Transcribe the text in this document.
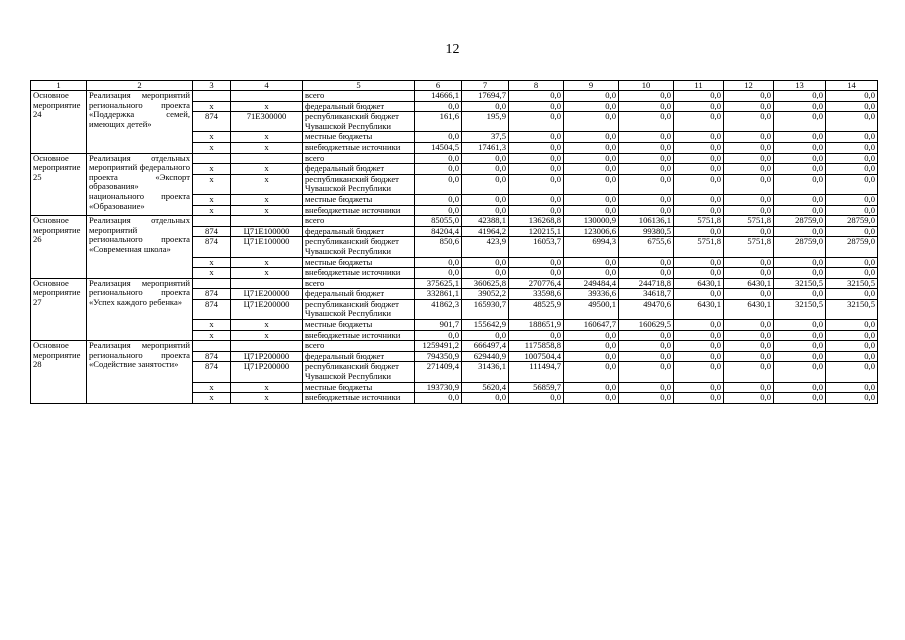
12
1	2	3	4	5	6	7	8	9	10	11	12	13	14
Основное мероприятие 24	Реализация мероприятий регионального проекта «Поддержка семей, имеющих детей»			всего	14666,1	17694,7	0,0	0,0	0,0	0,0	0,0	0,0	0,0
		x	x	федеральный бюджет	0,0	0,0	0,0	0,0	0,0	0,0	0,0	0,0	0,0
		874	71Е300000	республиканский бюджет Чувашской Республики	161,6	195,9	0,0	0,0	0,0	0,0	0,0	0,0	0,0
		x	x	местные бюджеты	0,0	37,5	0,0	0,0	0,0	0,0	0,0	0,0	0,0
		x	x	внебюджетные источники	14504,5	17461,3	0,0	0,0	0,0	0,0	0,0	0,0	0,0
Основное мероприятие 25	Реализация отдельных мероприятий федерального проекта «Экспорт образования» национального проекта «Образование»			всего	0,0	0,0	0,0	0,0	0,0	0,0	0,0	0,0	0,0
		x	x	федеральный бюджет	0,0	0,0	0,0	0,0	0,0	0,0	0,0	0,0	0,0
		x	x	республиканский бюджет Чувашской Республики	0,0	0,0	0,0	0,0	0,0	0,0	0,0	0,0	0,0
		x	x	местные бюджеты	0,0	0,0	0,0	0,0	0,0	0,0	0,0	0,0	0,0
		x	x	внебюджетные источники	0,0	0,0	0,0	0,0	0,0	0,0	0,0	0,0	0,0
Основное мероприятие 26	Реализация отдельных мероприятий регионального проекта «Современная школа»			всего	85055,0	42388,1	136268,8	130000,9	106136,1	5751,8	5751,8	28759,0	28759,0
		874	Ц71Е100000	федеральный бюджет	84204,4	41964,2	120215,1	123006,6	99380,5	0,0	0,0	0,0	0,0
		874	Ц71Е100000	республиканский бюджет Чувашской Республики	850,6	423,9	16053,7	6994,3	6755,6	5751,8	5751,8	28759,0	28759,0
		x	x	местные бюджеты	0,0	0,0	0,0	0,0	0,0	0,0	0,0	0,0	0,0
		x	x	внебюджетные источники	0,0	0,0	0,0	0,0	0,0	0,0	0,0	0,0	0,0
Основное мероприятие 27	Реализация мероприятий регионального проекта «Успех каждого ребенка»			всего	375625,1	360625,8	270776,4	249484,4	244718,8	6430,1	6430,1	32150,5	32150,5
		874	Ц71Е200000	федеральный бюджет	332861,1	39052,2	33598,6	39336,6	34618,7	0,0	0,0	0,0	0,0
		874	Ц71Е200000	республиканский бюджет Чувашской Республики	41862,3	165930,7	48525,9	49500,1	49470,6	6430,1	6430,1	32150,5	32150,5
		x	x	местные бюджеты	901,7	155642,9	188651,9	160647,7	160629,5	0,0	0,0	0,0	0,0
		x	x	внебюджетные источники	0,0	0,0	0,0	0,0	0,0	0,0	0,0	0,0	0,0
Основное мероприятие 28	Реализация мероприятий регионального проекта «Содействие занятости»			всего	1259491,2	666497,4	1175858,8	0,0	0,0	0,0	0,0	0,0	0,0
		874	Ц71Р200000	федеральный бюджет	794350,9	629440,9	1007504,4	0,0	0,0	0,0	0,0	0,0	0,0
		874	Ц71Р200000	республиканский бюджет Чувашской Республики	271409,4	31436,1	111494,7	0,0	0,0	0,0	0,0	0,0	0,0
		x	x	местные бюджеты	193730,9	5620,4	56859,7	0,0	0,0	0,0	0,0	0,0	0,0
		x	x	внебюджетные источники	0,0	0,0	0,0	0,0	0,0	0,0	0,0	0,0	0,0
